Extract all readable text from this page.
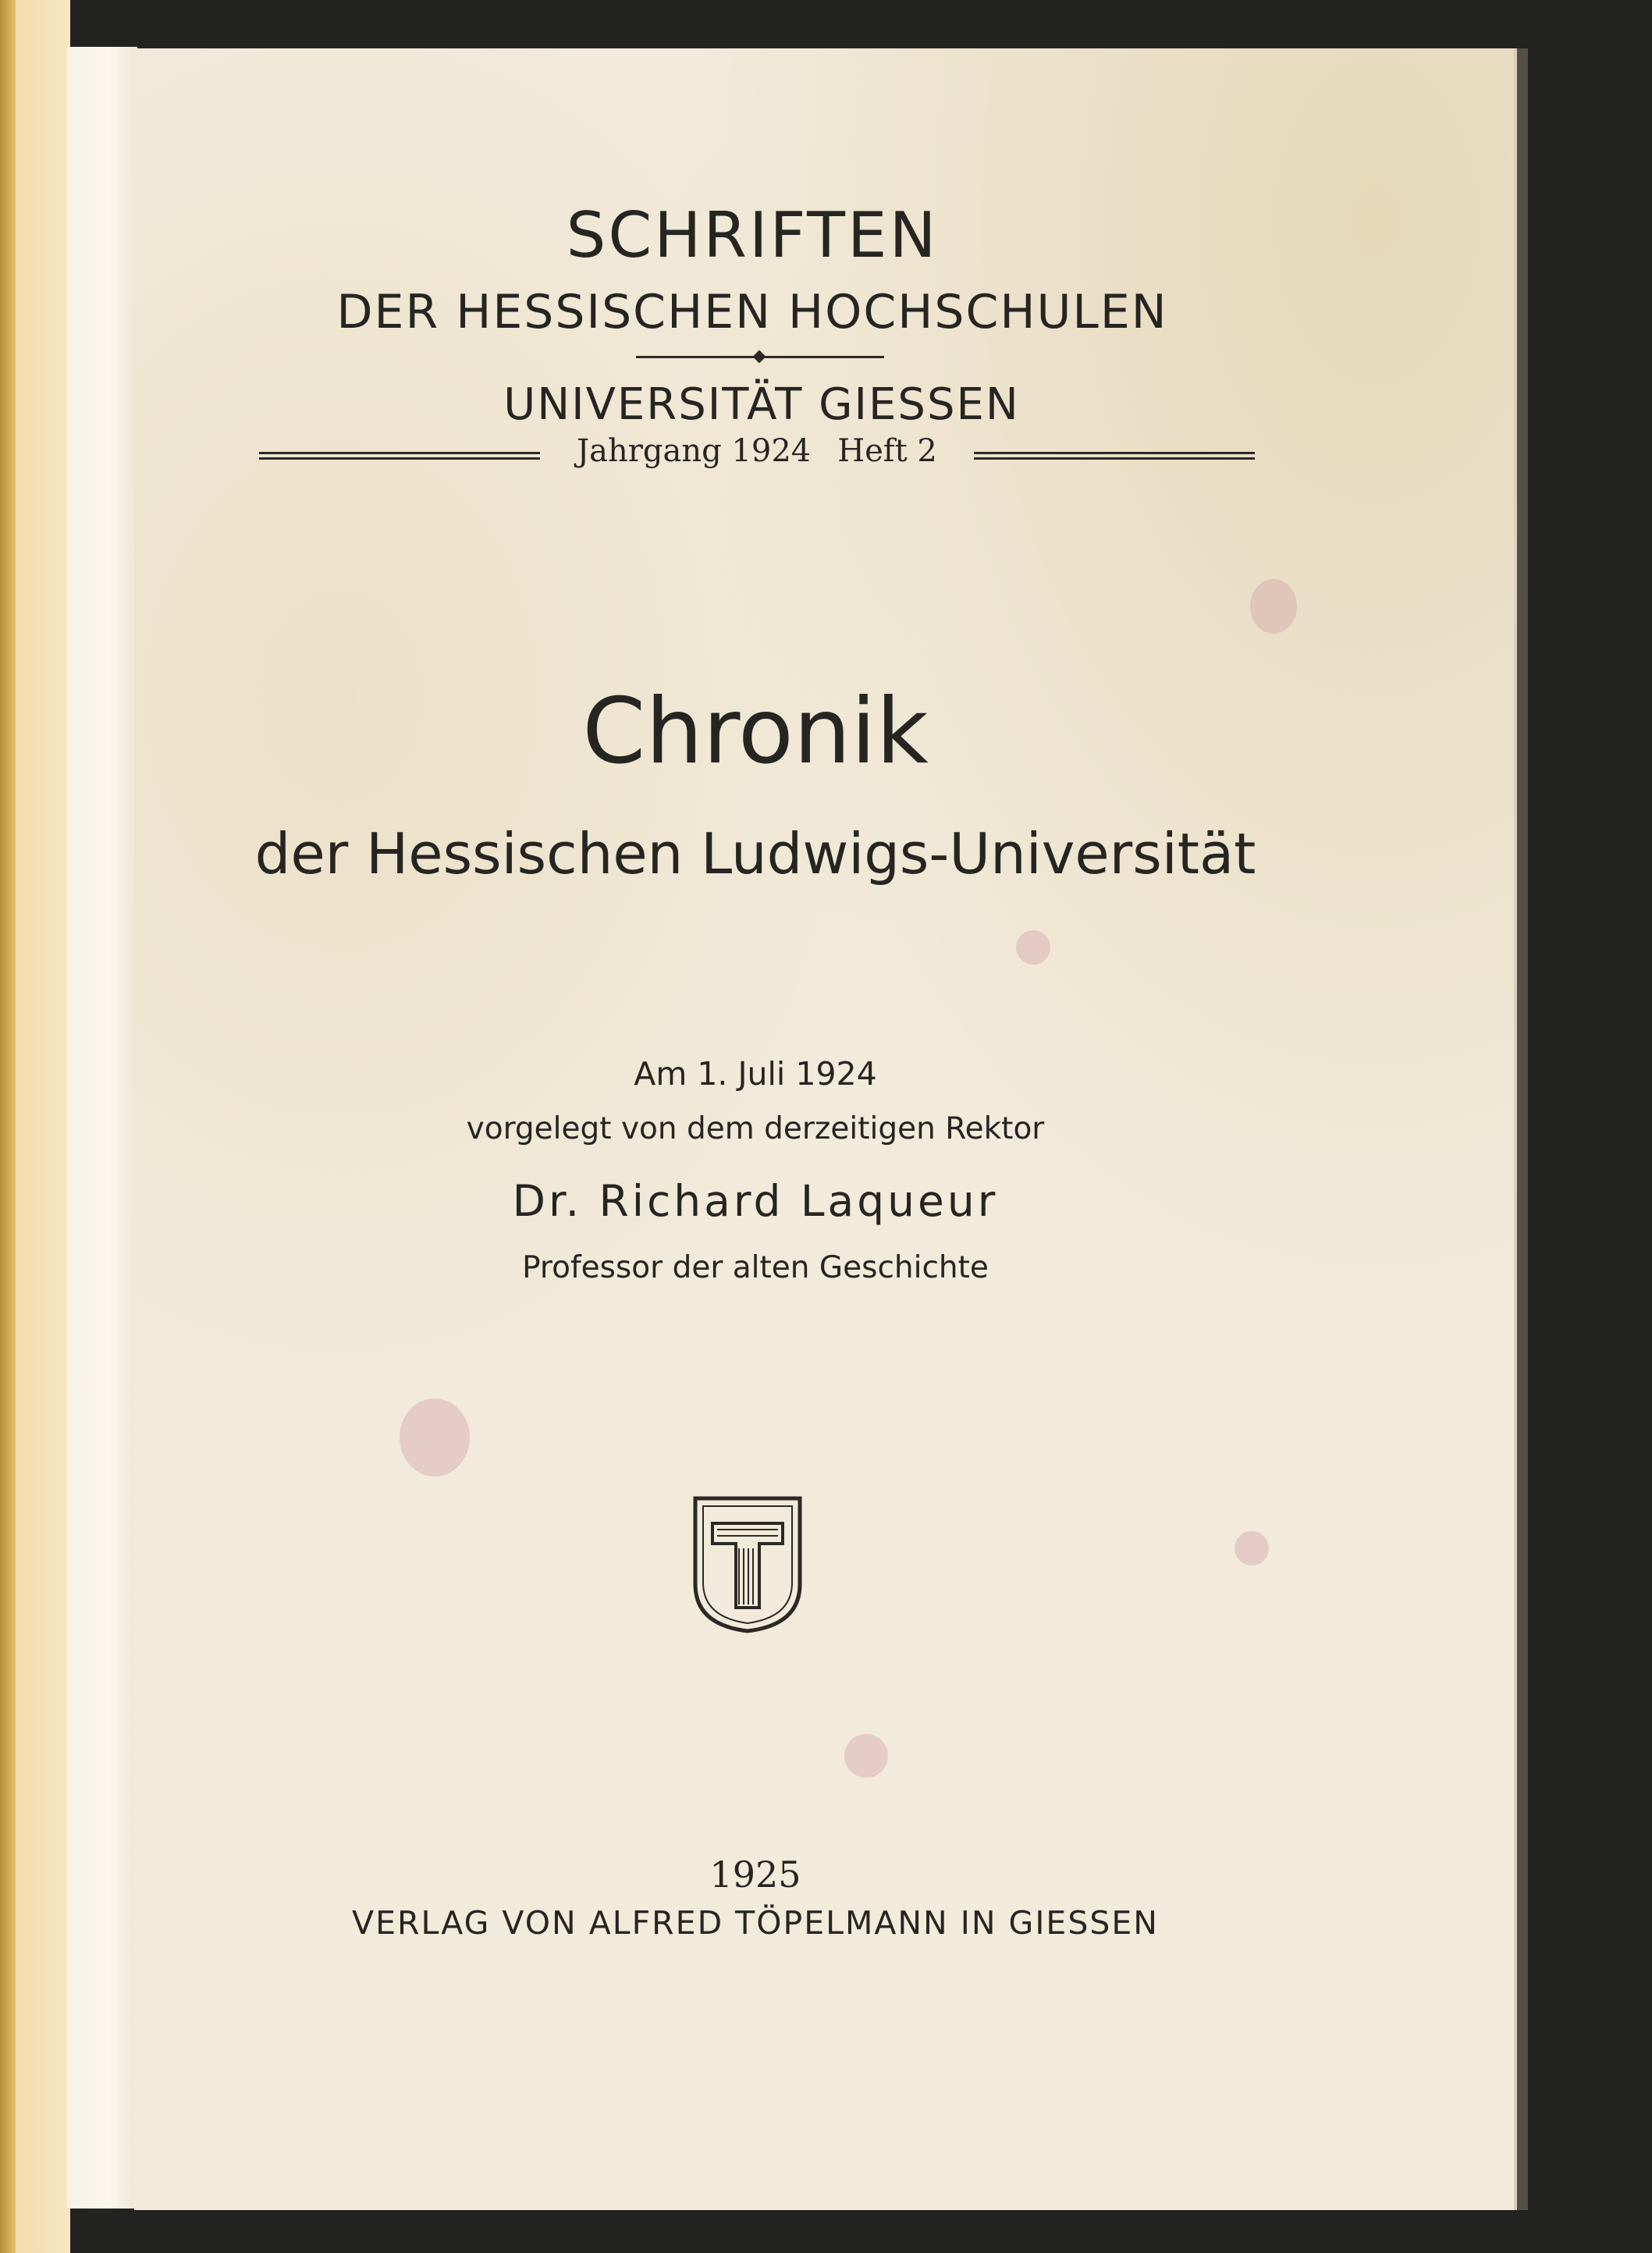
SCHRIFTEN

DER HESSISCHEN HOCHSCHULEN

UNIVERSITÄT GIESSEN

Jahrgang 1924 Heft 2
Chronik

der Hessischen Ludwigs-Universität

Am 1. Juli 1924

vorgelegt von dem derzeitigen Rektor

Dr. Richard Laqueur

Professor der alten Geschichte

1925

VERLAG VON ALFRED TÖPELMANN IN GIESSEN
